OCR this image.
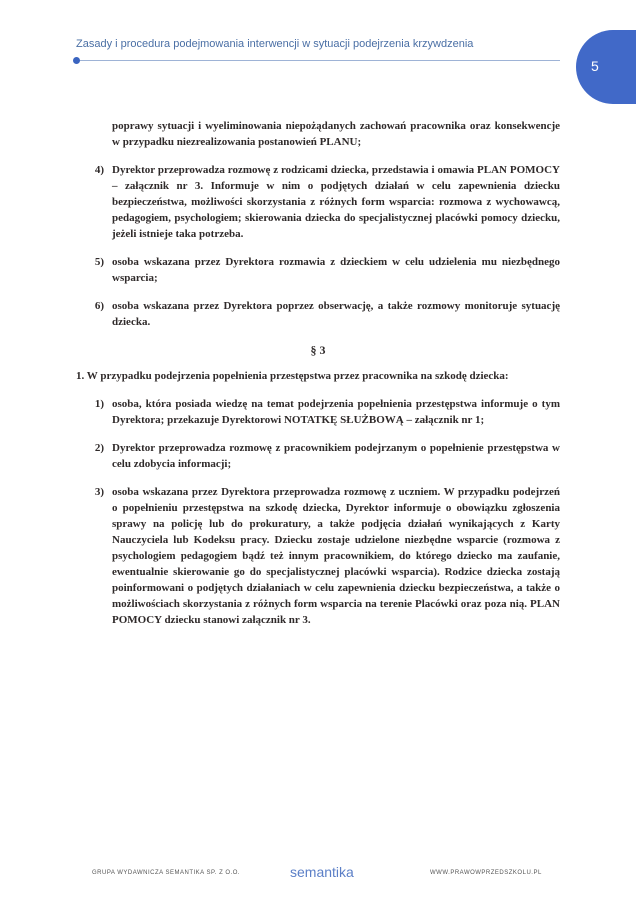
Zasady i procedura podejmowania interwencji w sytuacji podejrzenia krzywdzenia
5

poprawy sytuacji i wyeliminowania niepożądanych zachowań pracownika oraz konsekwencje w przypadku niezrealizowania postanowień PLANU;

4) Dyrektor przeprowadza rozmowę z rodzicami dziecka, przedstawia i omawia PLAN POMOCY – załącznik nr 3. Informuje w nim o podjętych działań w celu zapewnienia dziecku bezpieczeństwa, możliwości skorzystania z różnych form wsparcia: rozmowa z wychowawcą, pedagogiem, psychologiem; skierowania dziecka do specjalistycznej placówki pomocy dziecku, jeżeli istnieje taka potrzeba.
5) osoba wskazana przez Dyrektora rozmawia z dzieckiem w celu udzielenia mu niezbędnego wsparcia;
6) osoba wskazana przez Dyrektora poprzez obserwację, a także rozmowy monitoruje sytuację dziecka.
§ 3

1. W przypadku podejrzenia popełnienia przestępstwa przez pracownika na szkodę dziecka:

1) osoba, która posiada wiedzę na temat podejrzenia popełnienia przestępstwa informuje o tym Dyrektora; przekazuje Dyrektorowi NOTATKĘ SŁUŻBOWĄ – załącznik nr 1;
2) Dyrektor przeprowadza rozmowę z pracownikiem podejrzanym o popełnienie przestępstwa w celu zdobycia informacji;
3) osoba wskazana przez Dyrektora przeprowadza rozmowę z uczniem. W przypadku podejrzeń o popełnieniu przestępstwa na szkodę dziecka, Dyrektor informuje o obowiązku zgłoszenia sprawy na policję lub do prokuratury, a także podjęcia działań wynikających z Karty Nauczyciela lub Kodeksu pracy. Dziecku zostaje udzielone niezbędne wsparcie (rozmowa z psychologiem pedagogiem bądź też innym pracownikiem, do którego dziecko ma zaufanie, ewentualnie skierowanie go do specjalistycznej placówki wsparcia). Rodzice dziecka zostają poinformowani o podjętych działaniach w celu zapewnienia dziecku bezpieczeństwa, a także o możliwościach skorzystania z różnych form wsparcia na terenie Placówki oraz poza nią. PLAN POMOCY dziecku stanowi załącznik nr 3.
GRUPA WYDAWNICZA SEMANTIKA SP. Z O.O.	semantika	WWW.PRAWOWPRZEDSZKOLU.PL
